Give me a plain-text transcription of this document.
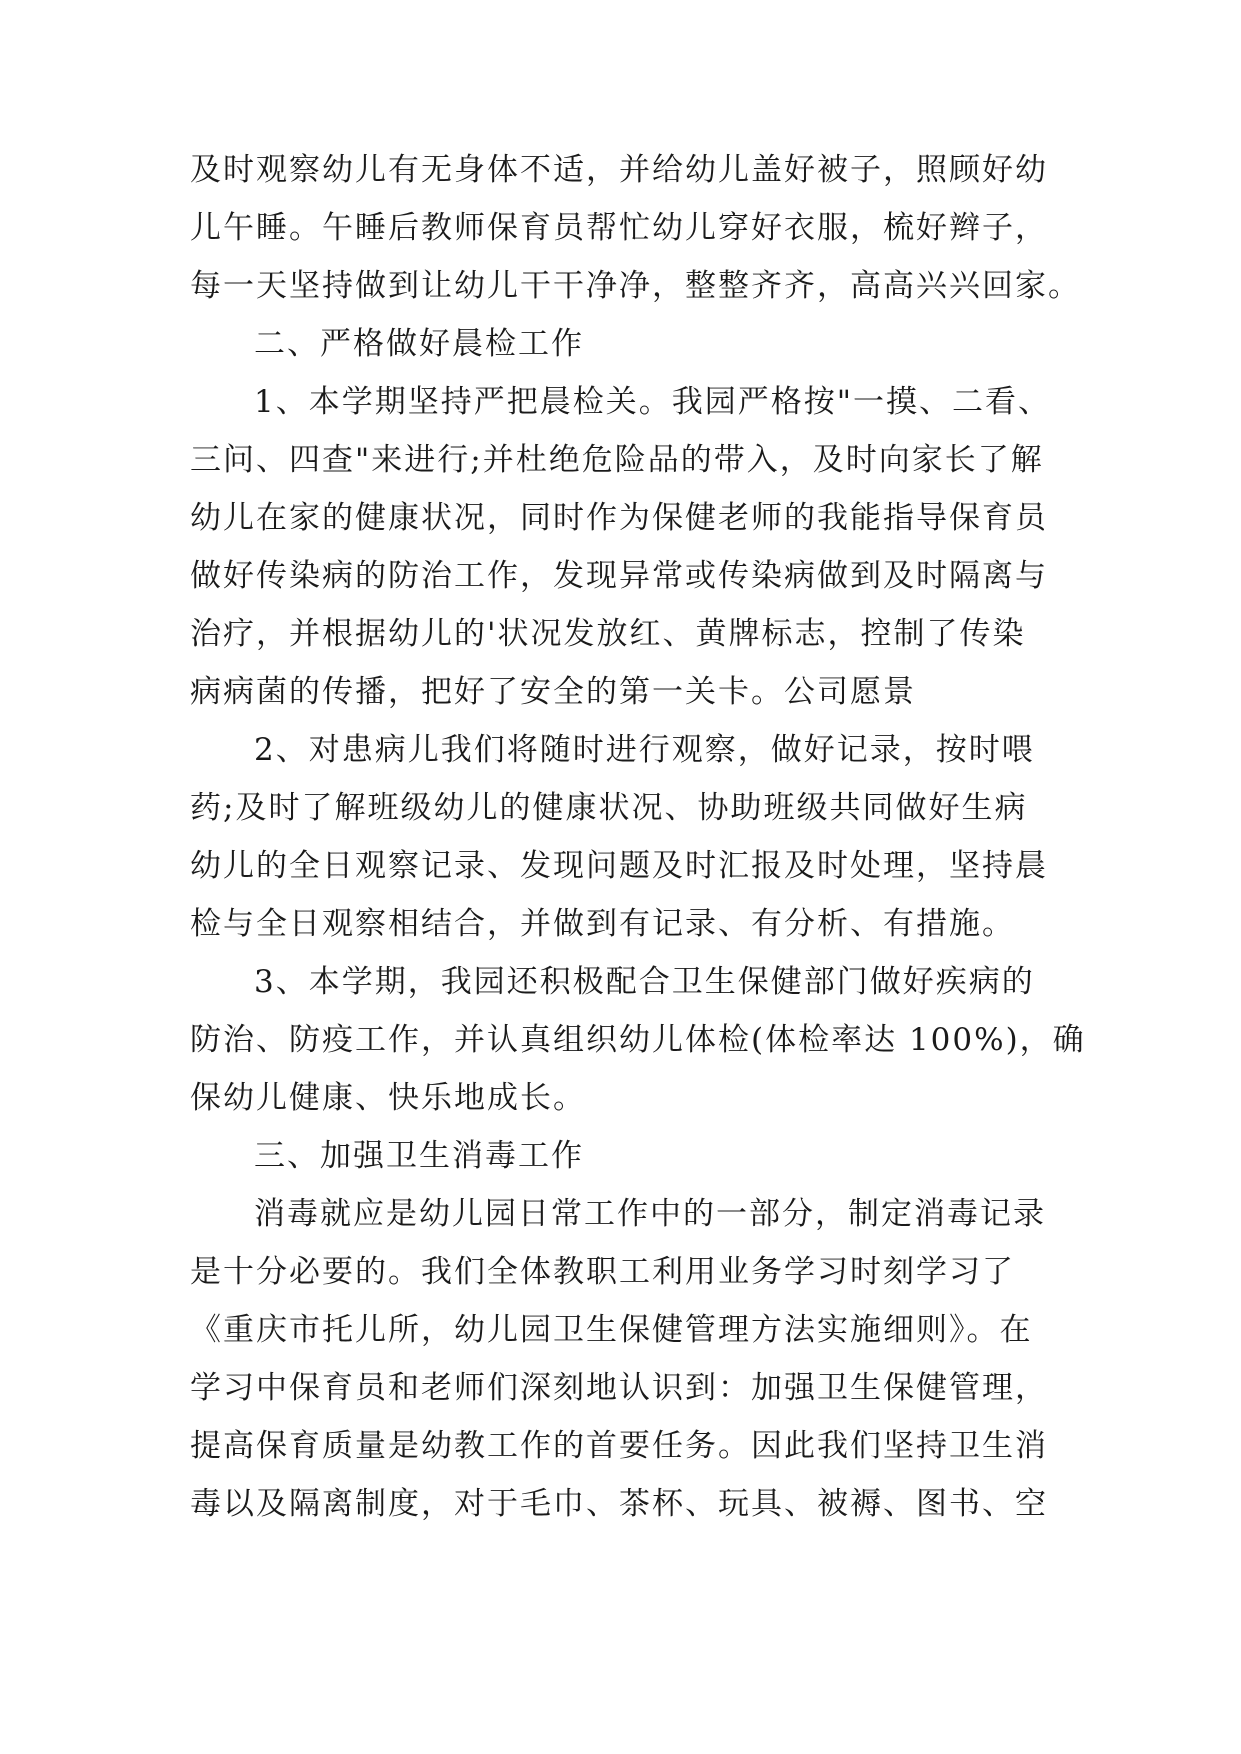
及时观察幼儿有无身体不适，并给幼儿盖好被子，照顾好幼
儿午睡。午睡后教师保育员帮忙幼儿穿好衣服，梳好辫子，
每一天坚持做到让幼儿干干净净，整整齐齐，高高兴兴回家。
二、严格做好晨检工作
1、本学期坚持严把晨检关。我园严格按"一摸、二看、
三问、四查"来进行;并杜绝危险品的带入，及时向家长了解
幼儿在家的健康状况，同时作为保健老师的我能指导保育员
做好传染病的防治工作，发现异常或传染病做到及时隔离与
治疗，并根据幼儿的'状况发放红、黄牌标志，控制了传染
病病菌的传播，把好了安全的第一关卡。公司愿景
2、对患病儿我们将随时进行观察，做好记录，按时喂
药;及时了解班级幼儿的健康状况、协助班级共同做好生病
幼儿的全日观察记录、发现问题及时汇报及时处理，坚持晨
检与全日观察相结合，并做到有记录、有分析、有措施。
3、本学期，我园还积极配合卫生保健部门做好疾病的
防治、防疫工作，并认真组织幼儿体检(体检率达 100%)，确
保幼儿健康、快乐地成长。
三、加强卫生消毒工作
消毒就应是幼儿园日常工作中的一部分，制定消毒记录
是十分必要的。我们全体教职工利用业务学习时刻学习了
《重庆市托儿所，幼儿园卫生保健管理方法实施细则》。在
学习中保育员和老师们深刻地认识到：加强卫生保健管理，
提高保育质量是幼教工作的首要任务。因此我们坚持卫生消
毒以及隔离制度，对于毛巾、茶杯、玩具、被褥、图书、空
